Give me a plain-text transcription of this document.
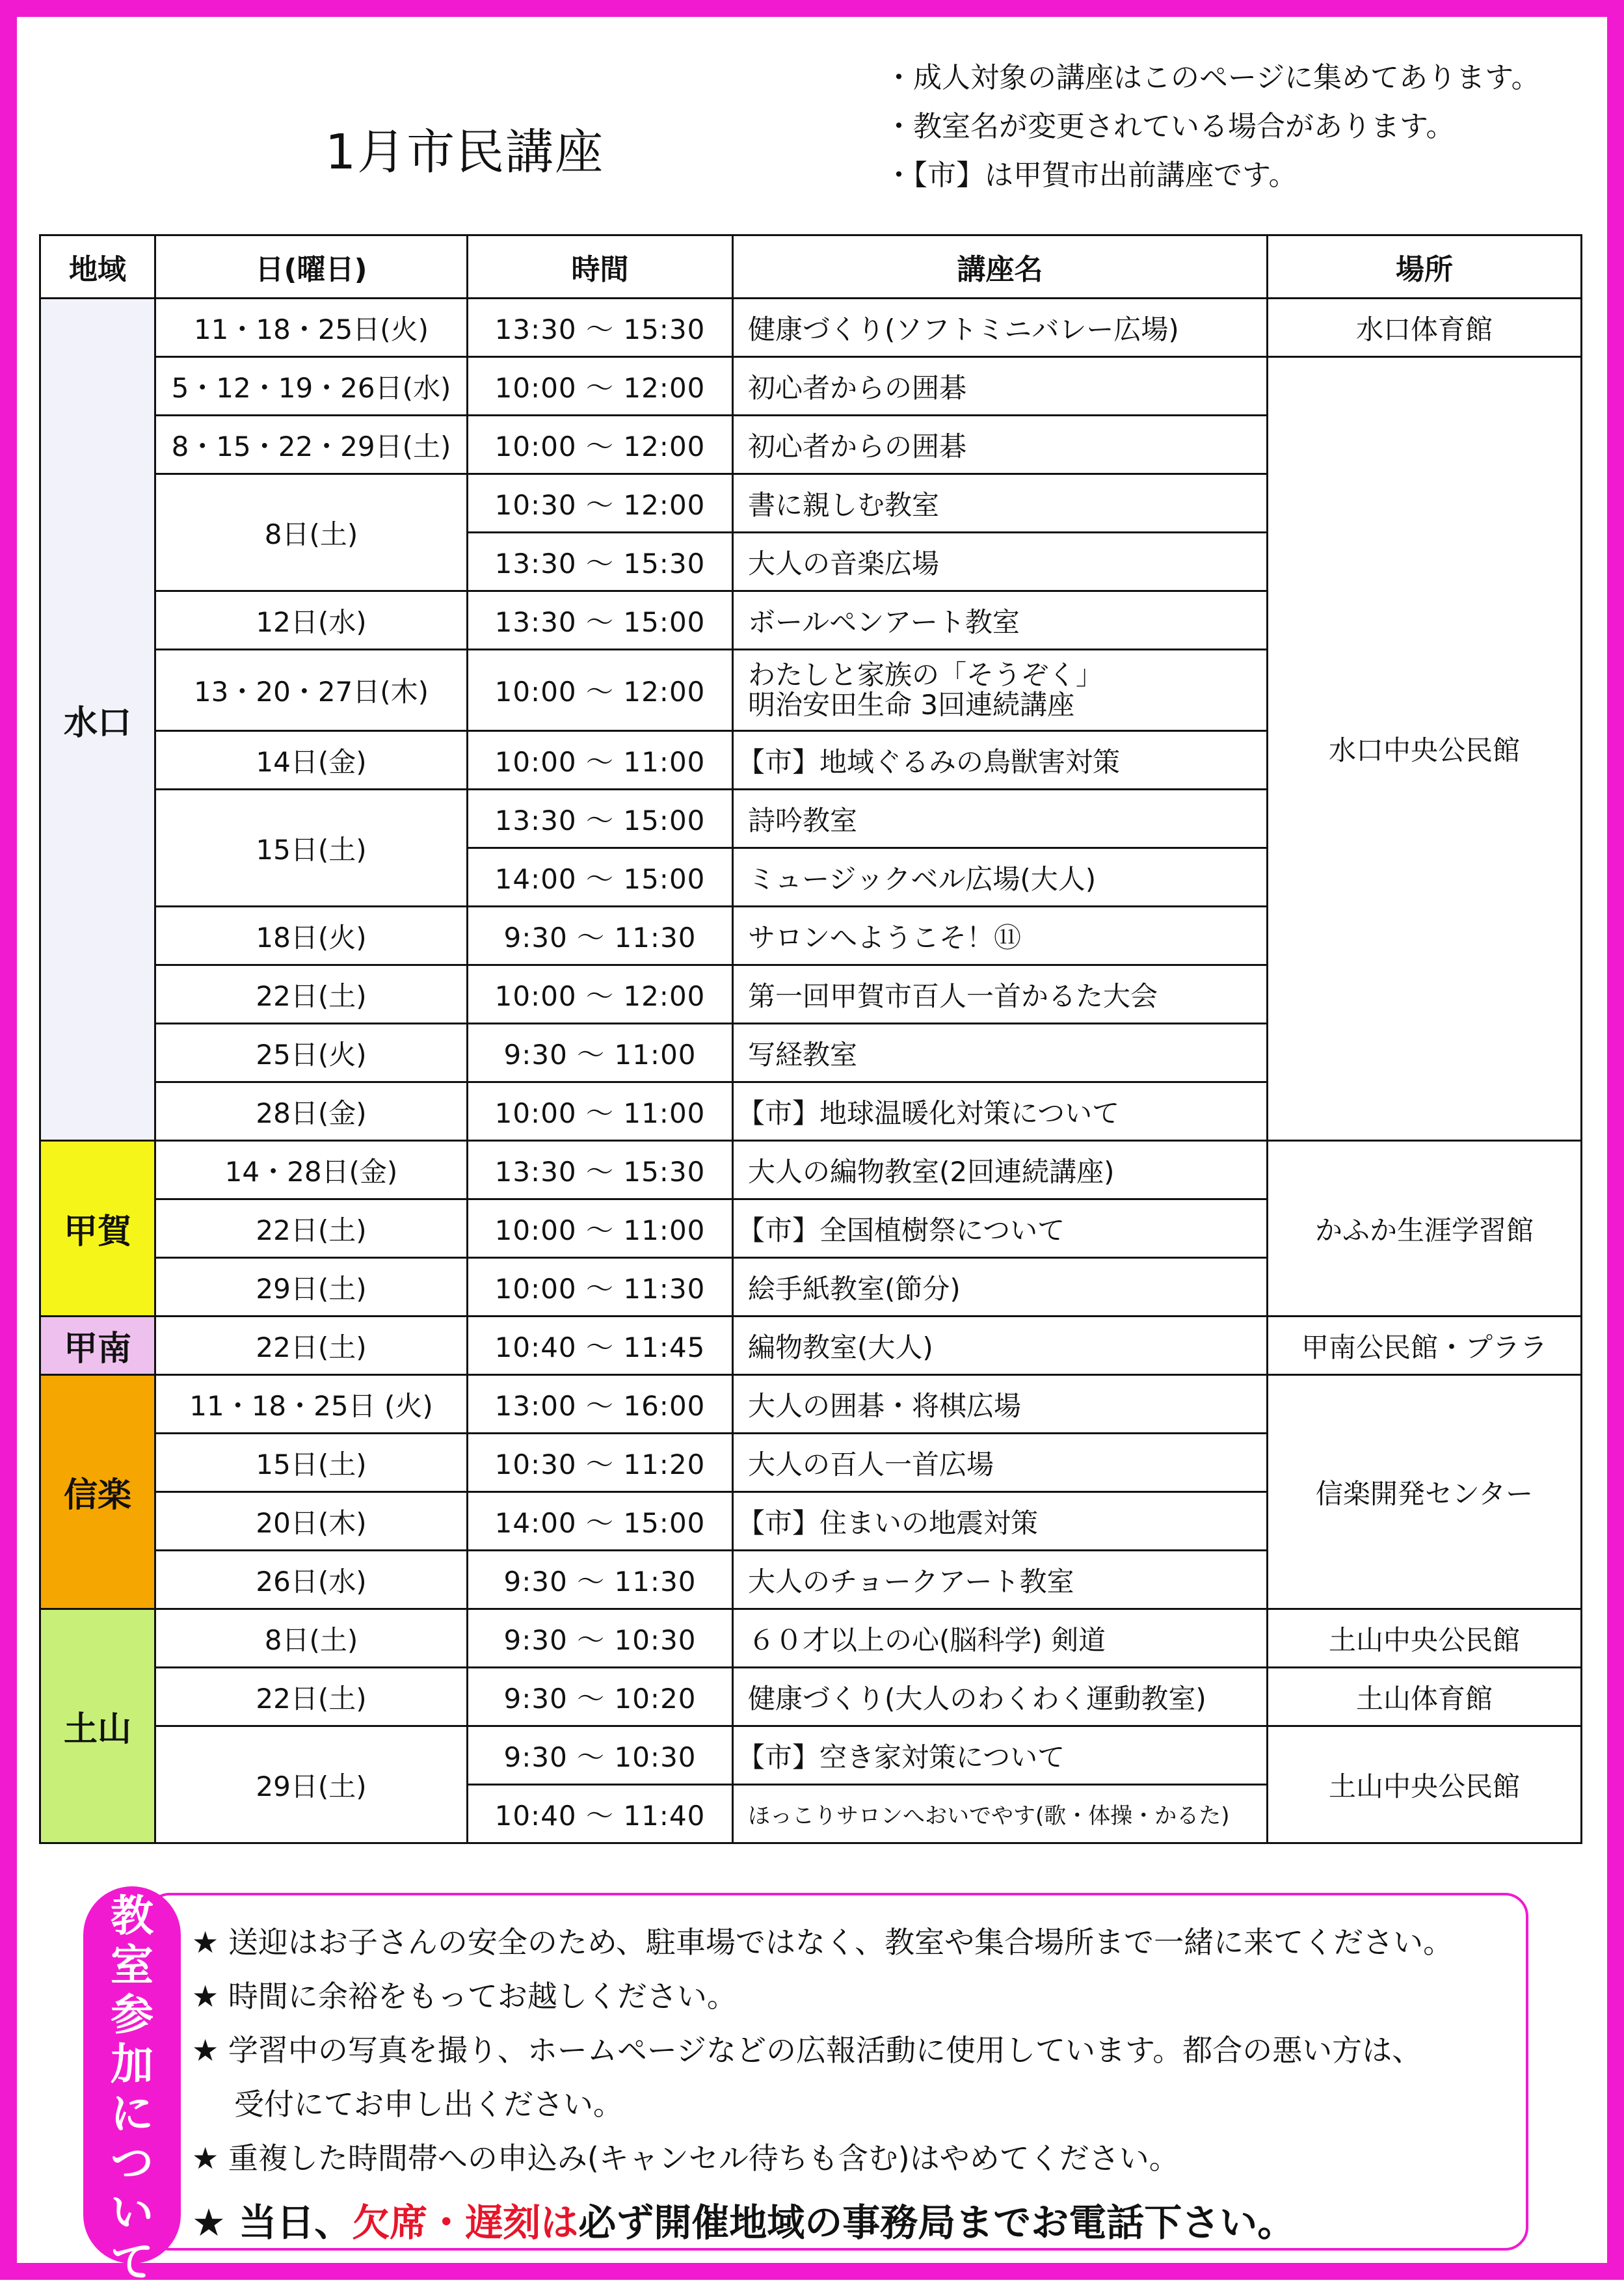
1月市民講座
・成人対象の講座はこのページに集めてあります。
・教室名が変更されている場合があります。
・【市】は甲賀市出前講座です。
地域	日(曜日)	時間	講座名	場所
水口	11・18・25日(火)	13:30 ～ 15:30	健康づくり(ソフトミニバレー広場)	水口体育館
	5・12・19・26日(水)	10:00 ～ 12:00	初心者からの囲碁	水口中央公民館
	8・15・22・29日(土)	10:00 ～ 12:00	初心者からの囲碁	
	8日(土)	10:30 ～ 12:00	書に親しむ教室	
		13:30 ～ 15:30	大人の音楽広場	
	12日(水)	13:30 ～ 15:00	ボールペンアート教室	
	13・20・27日(木)	10:00 ～ 12:00	わたしと家族の「そうぞく」
明治安田生命 3回連続講座	

	14日(金)	10:00 ～ 11:00	【市】地域ぐるみの鳥獣害対策	
	15日(土)	13:30 ～ 15:00	詩吟教室	
		14:00 ～ 15:00	ミュージックベル広場(大人)	
	18日(火)	9:30 ～ 11:30	サロンへようこそ！⑪	
	22日(土)	10:00 ～ 12:00	第一回甲賀市百人一首かるた大会	
	25日(火)	9:30 ～ 11:00	写経教室	
	28日(金)	10:00 ～ 11:00	【市】地球温暖化対策について	
甲賀	14・28日(金)	13:30 ～ 15:30	大人の編物教室(2回連続講座)	かふか生涯学習館
	22日(土)	10:00 ～ 11:00	【市】全国植樹祭について	
	29日(土)	10:00 ～ 11:30	絵手紙教室(節分)	
甲南	22日(土)	10:40 ～ 11:45	編物教室(大人)	甲南公民館・プララ
信楽	11・18・25日 (火)	13:00 ～ 16:00	大人の囲碁・将棋広場	信楽開発センター
	15日(土)	10:30 ～ 11:20	大人の百人一首広場	
	20日(木)	14:00 ～ 15:00	【市】住まいの地震対策	
	26日(水)	9:30 ～ 11:30	大人のチョークアート教室	
土山	8日(土)	9:30 ～ 10:30	６０才以上の心(脳科学) 剣道	土山中央公民館
	22日(土)	9:30 ～ 10:20	健康づくり(大人のわくわく運動教室)	土山体育館
	29日(土)	9:30 ～ 10:30	【市】空き家対策について	土山中央公民館
		10:40 ～ 11:40	ほっこりサロンへおいでやす(歌・体操・かるた)	
教
室
参
加
に
つ
い
て
★ 送迎はお子さんの安全のため、駐車場ではなく、教室や集合場所まで一緒に来てください。
★ 時間に余裕をもってお越しください。
★ 学習中の写真を撮り、ホームページなどの広報活動に使用しています。都合の悪い方は、
受付にてお申し出ください。
★ 重複した時間帯への申込み(キャンセル待ちも含む)はやめてください。
★ 当日、欠席・遅刻は必ず開催地域の事務局までお電話下さい。
